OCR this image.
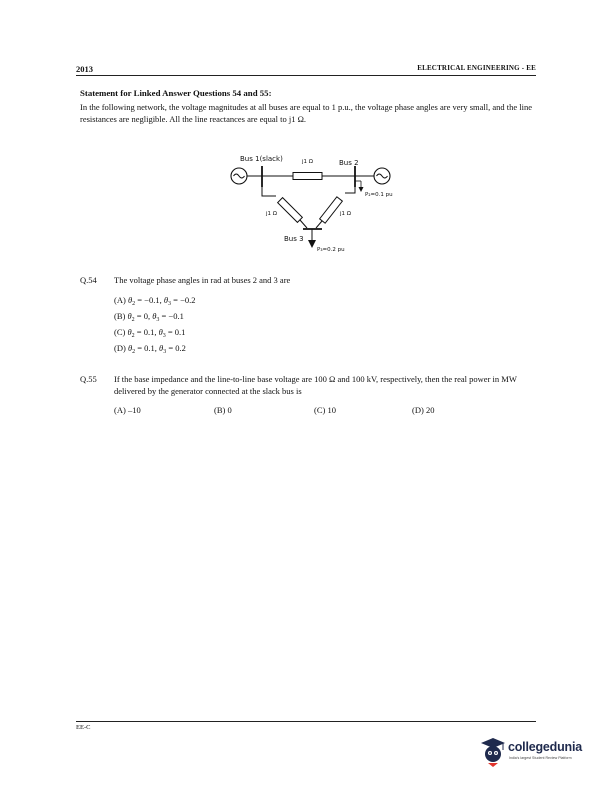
2013	ELECTRICAL ENGINEERING - EE
Statement for Linked Answer Questions 54 and 55:
In the following network, the voltage magnitudes at all buses are equal to 1 p.u., the voltage phase angles are very small, and the line resistances are negligible. All the line reactances are equal to j1 Ω.
Bus 1(slack)	j1 Ω	Bus 2
P₂=0.1 pu
j1 Ω	j1 Ω
Bus 3
P₃=0.2 pu
Q.54 The voltage phase angles in rad at buses 2 and 3 are
(A) $\theta_2 = -0.1$, $\theta_3 = -0.2$
(B) $\theta_2 = 0$, $\theta_3 = -0.1$
(C) $\theta_2 = 0.1$, $\theta_3 = 0.1$
(D) $\theta_2 = 0.1$, $\theta_3 = 0.2$
Q.55 If the base impedance and the line-to-line base voltage are 100 Ω and 100 kV, respectively, then the real power in MW delivered by the generator connected at the slack bus is
(A) –10	(B) 0	(C) 10	(D) 20
EE-C
collegedunia
India's largest Student Review Platform
